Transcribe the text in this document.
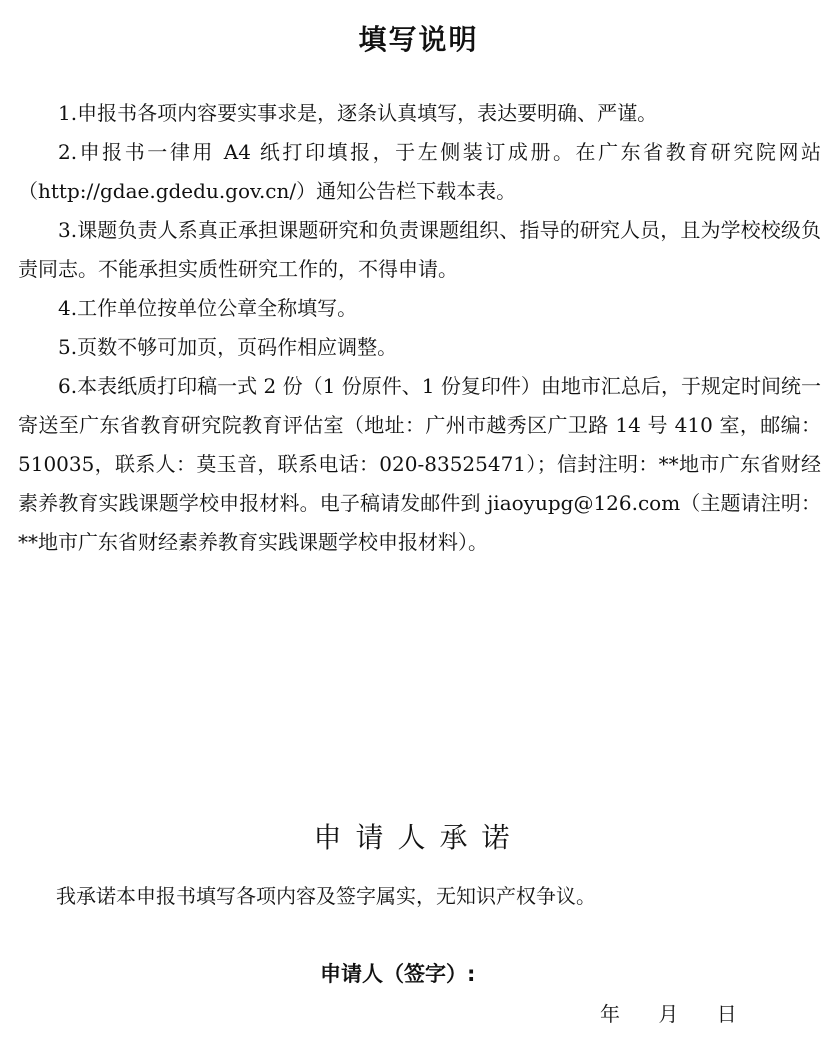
填写说明

1.申报书各项内容要实事求是，逐条认真填写，表达要明确、严谨。

2.申报书一律用 A4 纸打印填报，于左侧装订成册。在广东省教育研究院网站（http://gdae.gdedu.gov.cn/）通知公告栏下载本表。

3.课题负责人系真正承担课题研究和负责课题组织、指导的研究人员，且为学校校级负责同志。不能承担实质性研究工作的，不得申请。

4.工作单位按单位公章全称填写。

5.页数不够可加页，页码作相应调整。

6.本表纸质打印稿一式 2 份（1 份原件、1 份复印件）由地市汇总后，于规定时间统一寄送至广东省教育研究院教育评估室（地址：广州市越秀区广卫路 14 号 410 室，邮编：510035，联系人：莫玉音，联系电话：020-83525471）；信封注明：**地市广东省财经素养教育实践课题学校申报材料。电子稿请发邮件到 jiaoyupg@126.com（主题请注明：**地市广东省财经素养教育实践课题学校申报材料）。

申请人承诺

我承诺本申报书填写各项内容及签字属实，无知识产权争议。

申请人（签字）:

年 月 日
